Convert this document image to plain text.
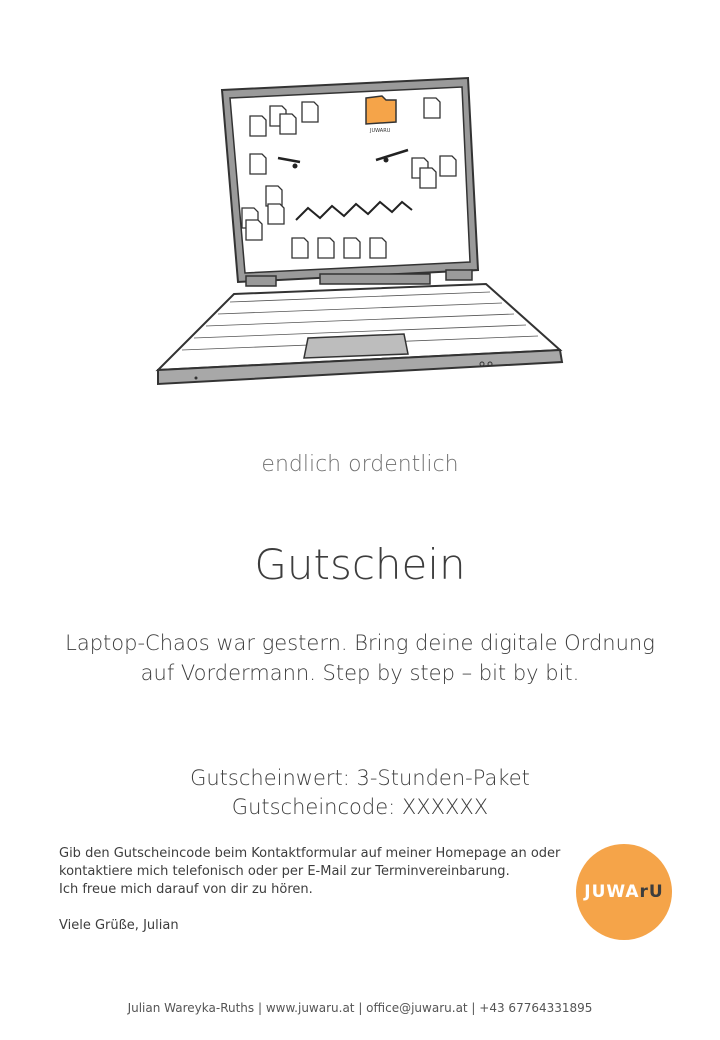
JUWARU
endlich ordentlich
Gutschein
Laptop-Chaos war gestern. Bring deine digitale Ordnung
auf Vordermann. Step by step – bit by bit.
Gutscheinwert: 3-Stunden-Paket
Gutscheincode: XXXXXX
Gib den Gutscheincode beim Kontaktformular auf meiner Homepage an oder
kontaktiere mich telefonisch oder per E-Mail zur Terminvereinbarung.
Ich freue mich darauf von dir zu hören.
Viele Grüße, Julian
JUWArU
Julian Wareyka-Ruths | www.juwaru.at | office@juwaru.at | +43 67764331895
